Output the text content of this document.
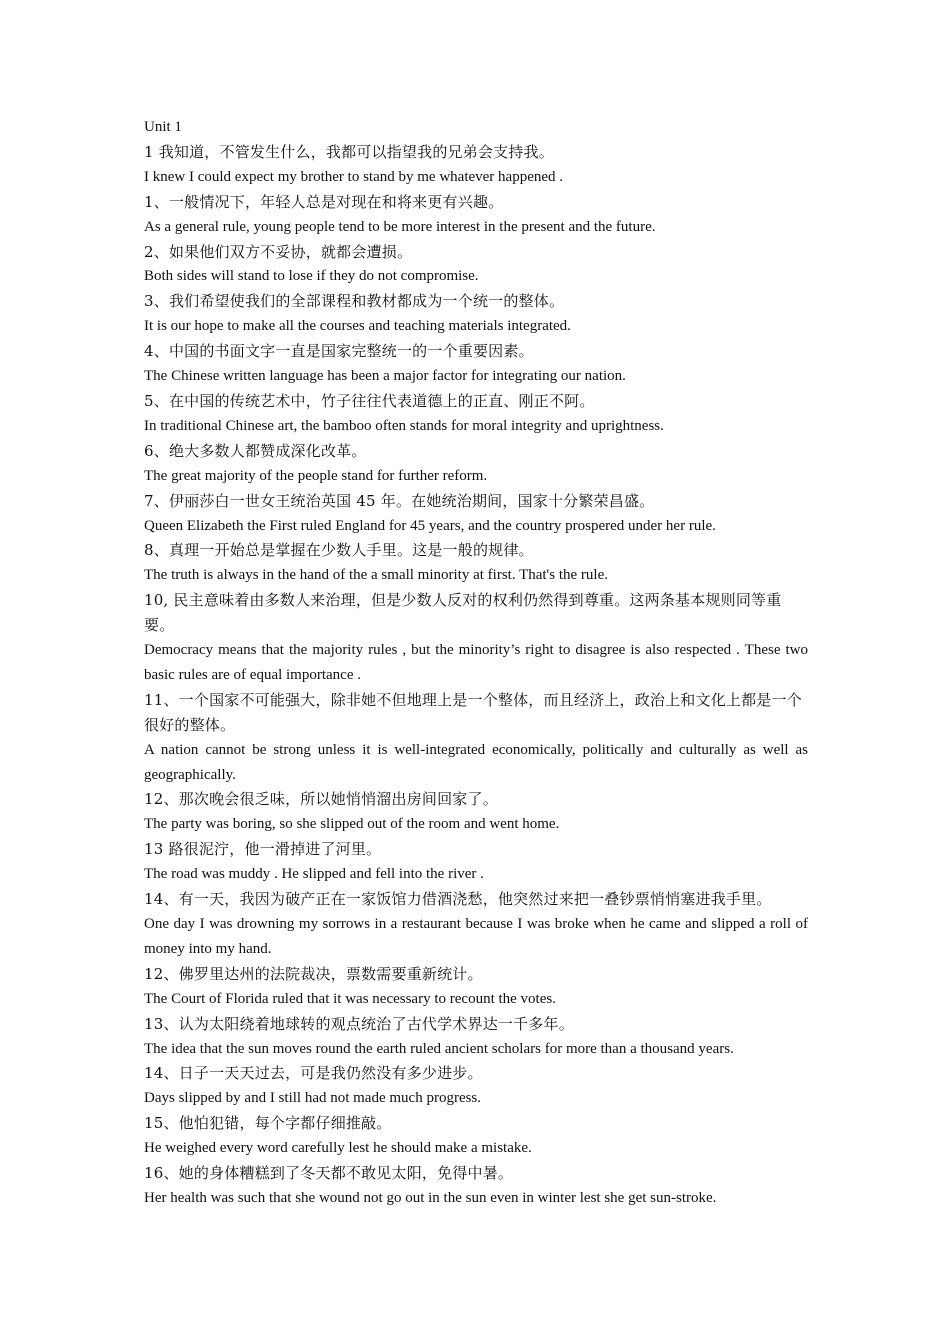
Unit 1

1 我知道，不管发生什么，我都可以指望我的兄弟会支持我。

I knew I could expect my brother to stand by me whatever happened .

1、一般情况下，年轻人总是对现在和将来更有兴趣。

As a general rule, young people tend to be more interest in the present and the future.

2、如果他们双方不妥协，就都会遭损。

Both sides will stand to lose if they do not compromise.

3、我们希望使我们的全部课程和教材都成为一个统一的整体。

It is our hope to make all the courses and teaching materials integrated.

4、中国的书面文字一直是国家完整统一的一个重要因素。

The Chinese written language has been a major factor for integrating our nation.

5、在中国的传统艺术中，竹子往往代表道德上的正直、刚正不阿。

In traditional Chinese art, the bamboo often stands for moral integrity and uprightness.

6、绝大多数人都赞成深化改革。

The great majority of the people stand for further reform.

7、伊丽莎白一世女王统治英国 45 年。在她统治期间，国家十分繁荣昌盛。

Queen Elizabeth the First ruled England for 45 years, and the country prospered under her rule.

8、真理一开始总是掌握在少数人手里。这是一般的规律。

The truth is always in the hand of the a small minority at first. That's the rule.

10, 民主意味着由多数人来治理，但是少数人反对的权利仍然得到尊重。这两条基本规则同等重要。

Democracy means that the majority rules , but the minority’s right to disagree is also respected . These two basic rules are of equal importance .

11、一个国家不可能强大，除非她不但地理上是一个整体，而且经济上，政治上和文化上都是一个很好的整体。

A nation cannot be strong unless it is well-integrated economically, politically and culturally as well as geographically.

12、那次晚会很乏味，所以她悄悄溜出房间回家了。

The party was boring, so she slipped out of the room and went home.

13 路很泥泞，他一滑掉进了河里。

The road was muddy . He slipped and fell into the river .

14、有一天，我因为破产正在一家饭馆力借酒浇愁，他突然过来把一叠钞票悄悄塞进我手里。

One day I was drowning my sorrows in a restaurant because I was broke when he came and slipped a roll of money into my hand.

12、佛罗里达州的法院裁决，票数需要重新统计。

The Court of Florida ruled that it was necessary to recount the votes.

13、认为太阳绕着地球转的观点统治了古代学术界达一千多年。

The idea that the sun moves round the earth ruled ancient scholars for more than a thousand years.

14、日子一天天过去，可是我仍然没有多少进步。

Days slipped by and I still had not made much progress.

15、他怕犯错，每个字都仔细推敲。

He weighed every word carefully lest he should make a mistake.

16、她的身体糟糕到了冬天都不敢见太阳，免得中暑。

Her health was such that she wound not go out in the sun even in winter lest she get sun-stroke.
